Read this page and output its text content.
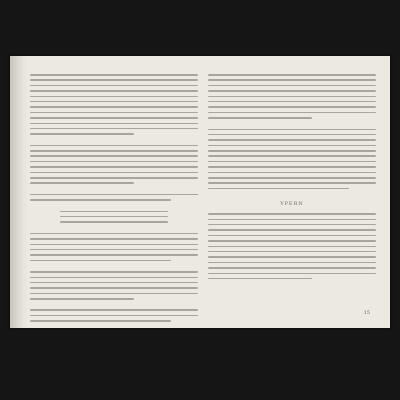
YPERN
15
